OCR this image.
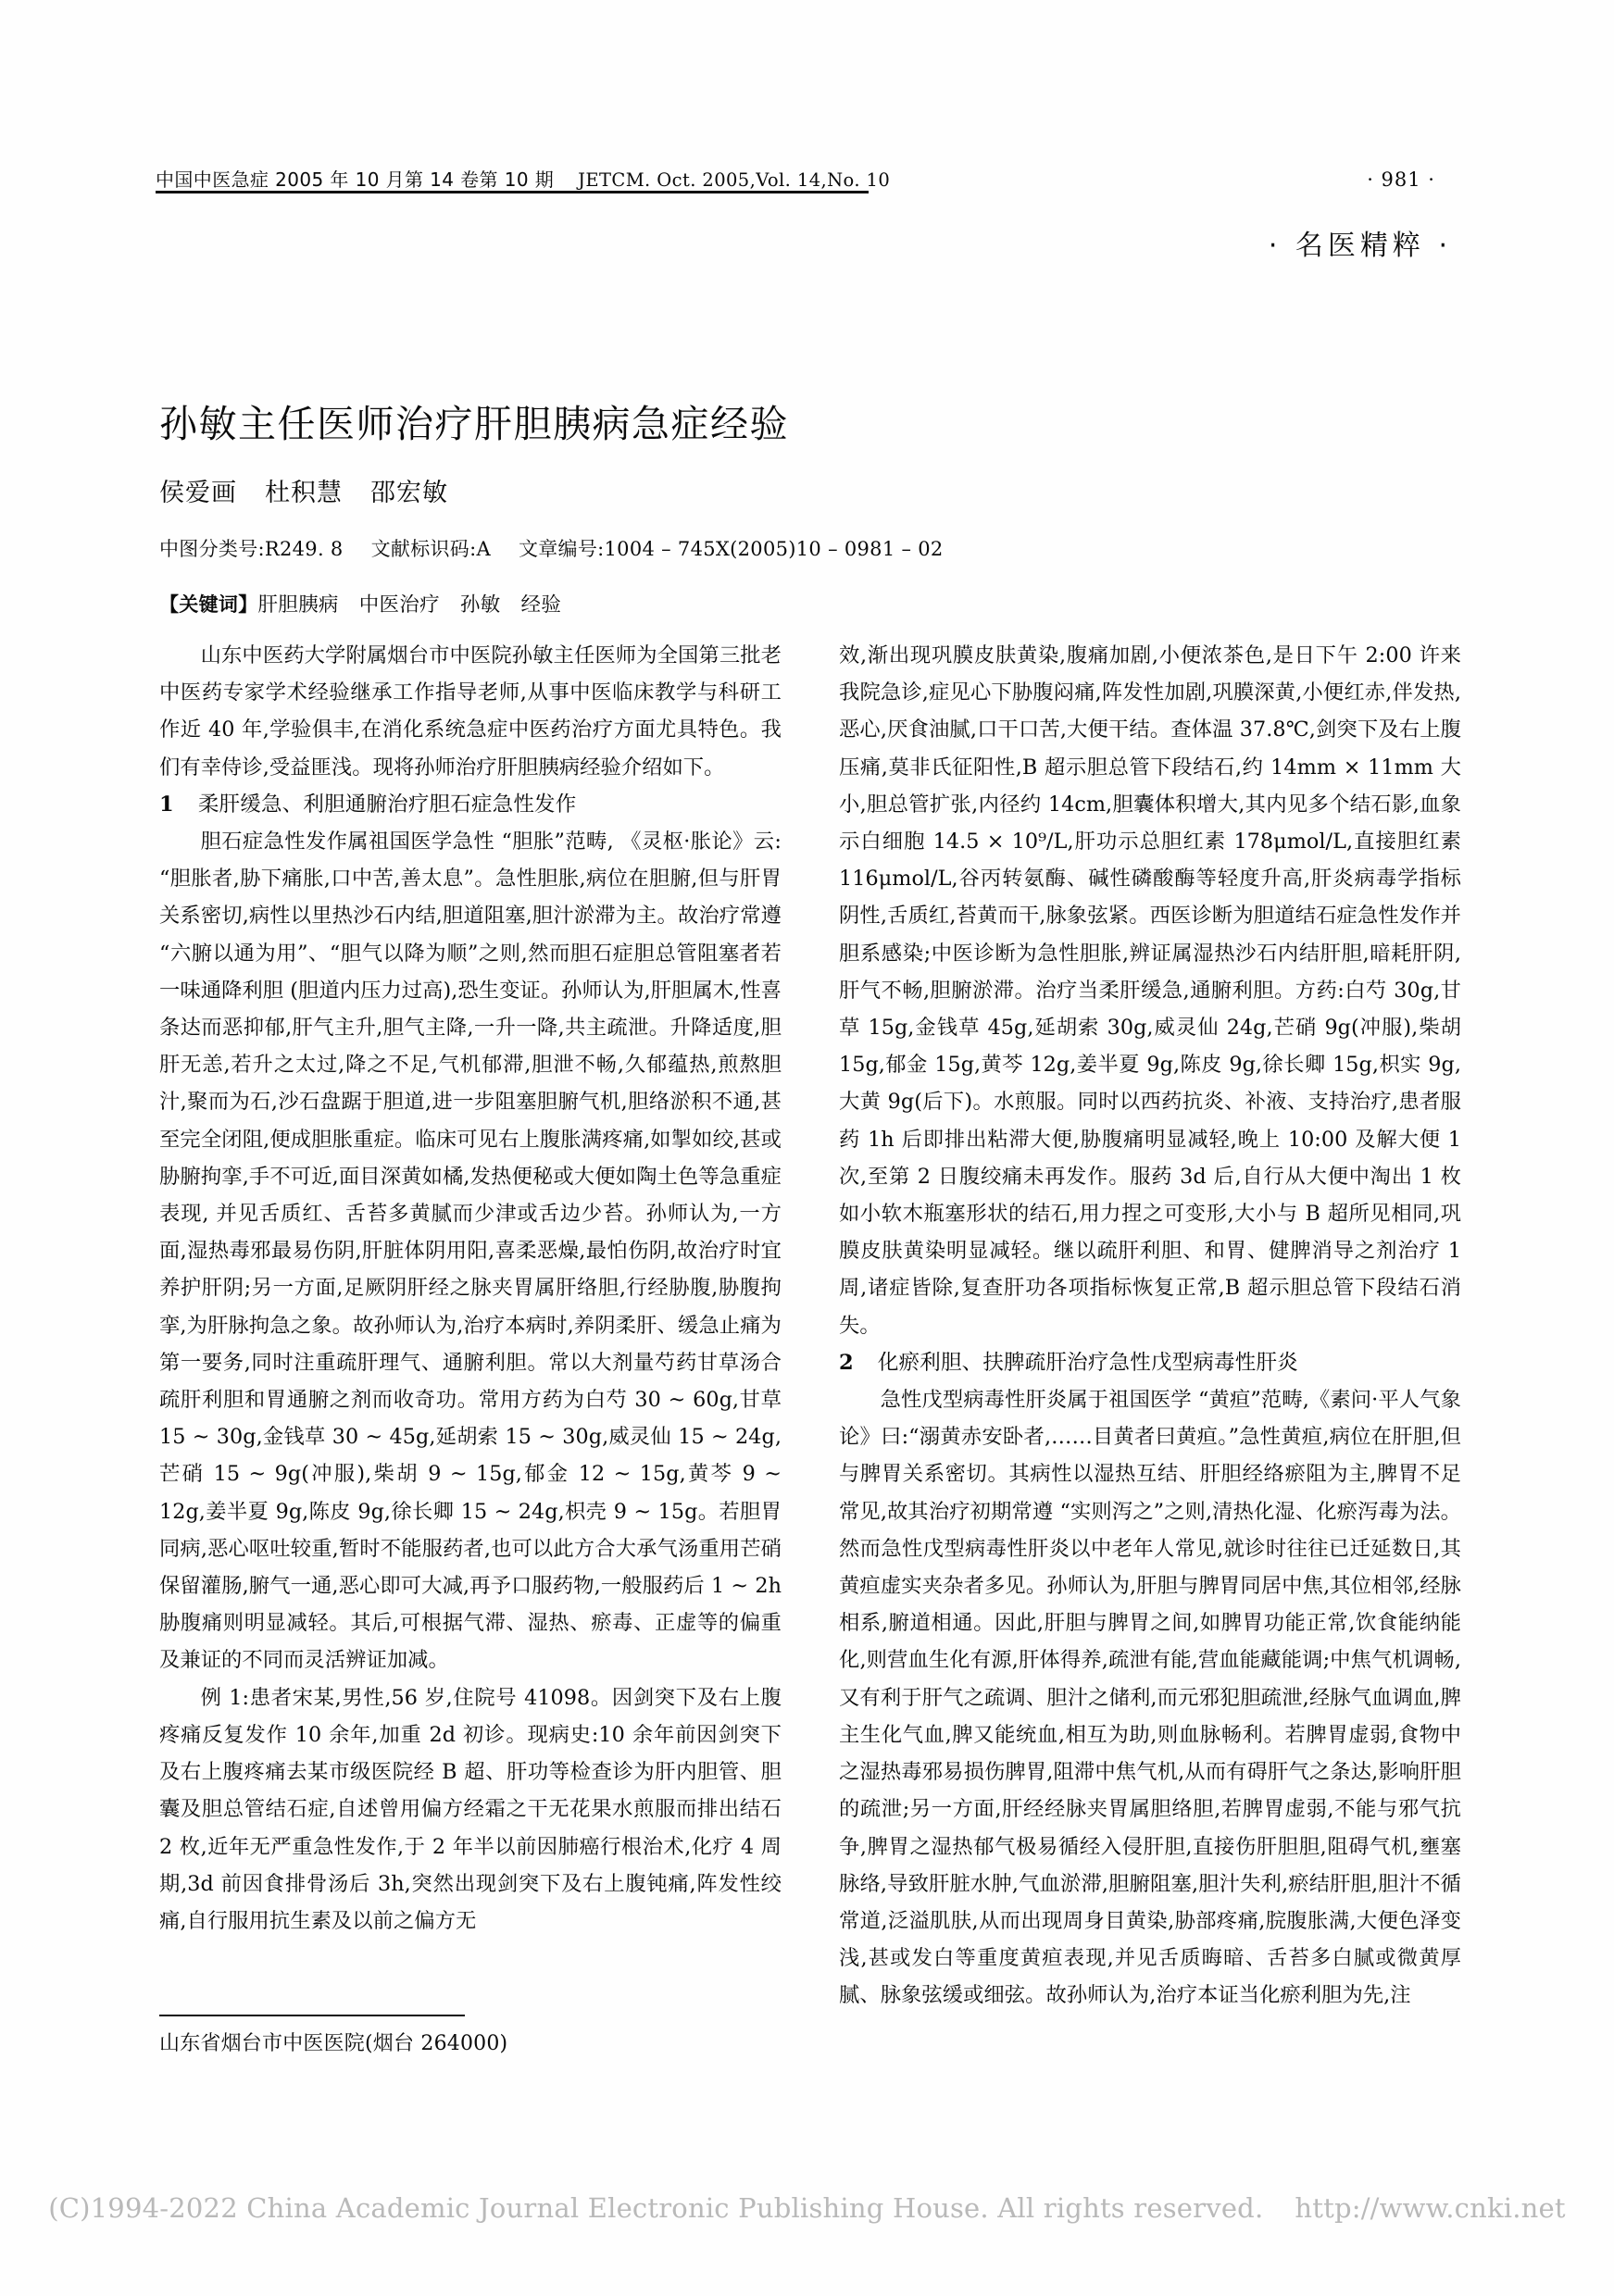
中国中医急症 2005 年 10 月第 14 卷第 10 期 JETCM. Oct. 2005,Vol. 14,No. 10	· 981 ·
· 名医精粹 ·
孙敏主任医师治疗肝胆胰病急症经验
侯爱画 杜积慧 邵宏敏
中图分类号:R249. 8 文献标识码:A 文章编号:1004 – 745X(2005)10 – 0981 – 02
【关键词】肝胆胰病 中医治疗 孙敏 经验

山东中医药大学附属烟台市中医院孙敏主任医师为全国第三批老中医药专家学术经验继承工作指导老师,从事中医临床教学与科研工作近 40 年,学验俱丰,在消化系统急症中医药治疗方面尤具特色。我们有幸侍诊,受益匪浅。现将孙师治疗肝胆胰病经验介绍如下。

1 柔肝缓急、利胆通腑治疗胆石症急性发作

胆石症急性发作属祖国医学急性 “胆胀”范畴, 《灵枢·胀论》云:“胆胀者,胁下痛胀,口中苦,善太息”。急性胆胀,病位在胆腑,但与肝胃关系密切,病性以里热沙石内结,胆道阻塞,胆汁淤滞为主。故治疗常遵 “六腑以通为用”、“胆气以降为顺”之则,然而胆石症胆总管阻塞者若一味通降利胆 (胆道内压力过高),恐生变证。孙师认为,肝胆属木,性喜条达而恶抑郁,肝气主升,胆气主降,一升一降,共主疏泄。升降适度,胆肝无恙,若升之太过,降之不足,气机郁滞,胆泄不畅,久郁蕴热,煎熬胆汁,聚而为石,沙石盘踞于胆道,进一步阻塞胆腑气机,胆络淤积不通,甚至完全闭阻,便成胆胀重症。临床可见右上腹胀满疼痛,如掣如绞,甚或胁腑拘挛,手不可近,面目深黄如橘,发热便秘或大便如陶土色等急重症表现, 并见舌质红、舌苔多黄腻而少津或舌边少苔。孙师认为,一方面,湿热毒邪最易伤阴,肝脏体阴用阳,喜柔恶燥,最怕伤阴,故治疗时宜养护肝阴;另一方面,足厥阴肝经之脉夹胃属肝络胆,行经胁腹,胁腹拘挛,为肝脉拘急之象。故孙师认为,治疗本病时,养阴柔肝、缓急止痛为第一要务,同时注重疏肝理气、通腑利胆。常以大剂量芍药甘草汤合疏肝利胆和胃通腑之剂而收奇功。常用方药为白芍 30 ~ 60g,甘草 15 ~ 30g,金钱草 30 ~ 45g,延胡索 15 ~ 30g,威灵仙 15 ~ 24g,芒硝 15 ~ 9g(冲服),柴胡 9 ~ 15g,郁金 12 ~ 15g,黄芩 9 ~ 12g,姜半夏 9g,陈皮 9g,徐长卿 15 ~ 24g,枳壳 9 ~ 15g。若胆胃同病,恶心呕吐较重,暂时不能服药者,也可以此方合大承气汤重用芒硝保留灌肠,腑气一通,恶心即可大减,再予口服药物,一般服药后 1 ~ 2h 胁腹痛则明显减轻。其后,可根据气滞、湿热、瘀毒、正虚等的偏重及兼证的不同而灵活辨证加减。

例 1:患者宋某,男性,56 岁,住院号 41098。因剑突下及右上腹疼痛反复发作 10 余年,加重 2d 初诊。现病史:10 余年前因剑突下及右上腹疼痛去某市级医院经 B 超、肝功等检查诊为肝内胆管、胆囊及胆总管结石症,自述曾用偏方经霜之干无花果水煎服而排出结石 2 枚,近年无严重急性发作,于 2 年半以前因肺癌行根治术,化疗 4 周期,3d 前因食排骨汤后 3h,突然出现剑突下及右上腹钝痛,阵发性绞痛,自行服用抗生素及以前之偏方无

效,渐出现巩膜皮肤黄染,腹痛加剧,小便浓茶色,是日下午 2:00 许来我院急诊,症见心下胁腹闷痛,阵发性加剧,巩膜深黄,小便红赤,伴发热,恶心,厌食油腻,口干口苦,大便干结。查体温 37.8℃,剑突下及右上腹压痛,莫非氏征阳性,B 超示胆总管下段结石,约 14mm × 11mm 大小,胆总管扩张,内径约 14cm,胆囊体积增大,其内见多个结石影,血象示白细胞 14.5 × 10⁹/L,肝功示总胆红素 178μmol/L,直接胆红素 116μmol/L,谷丙转氨酶、碱性磷酸酶等轻度升高,肝炎病毒学指标阴性,舌质红,苔黄而干,脉象弦紧。西医诊断为胆道结石症急性发作并胆系感染;中医诊断为急性胆胀,辨证属湿热沙石内结肝胆,暗耗肝阴,肝气不畅,胆腑淤滞。治疗当柔肝缓急,通腑利胆。方药:白芍 30g,甘草 15g,金钱草 45g,延胡索 30g,威灵仙 24g,芒硝 9g(冲服),柴胡 15g,郁金 15g,黄芩 12g,姜半夏 9g,陈皮 9g,徐长卿 15g,枳实 9g,大黄 9g(后下)。水煎服。同时以西药抗炎、补液、支持治疗,患者服药 1h 后即排出粘滞大便,胁腹痛明显减轻,晚上 10:00 及解大便 1 次,至第 2 日腹绞痛未再发作。服药 3d 后,自行从大便中淘出 1 枚如小软木瓶塞形状的结石,用力捏之可变形,大小与 B 超所见相同,巩膜皮肤黄染明显减轻。继以疏肝利胆、和胃、健脾消导之剂治疗 1 周,诸症皆除,复查肝功各项指标恢复正常,B 超示胆总管下段结石消失。

2 化瘀利胆、扶脾疏肝治疗急性戊型病毒性肝炎

急性戊型病毒性肝炎属于祖国医学 “黄疸”范畴,《素问·平人气象论》曰:“溺黄赤安卧者,……目黄者曰黄疸。”急性黄疸,病位在肝胆,但与脾胃关系密切。其病性以湿热互结、肝胆经络瘀阻为主,脾胃不足常见,故其治疗初期常遵 “实则泻之”之则,清热化湿、化瘀泻毒为法。然而急性戊型病毒性肝炎以中老年人常见,就诊时往往已迁延数日,其黄疸虚实夹杂者多见。孙师认为,肝胆与脾胃同居中焦,其位相邻,经脉相系,腑道相通。因此,肝胆与脾胃之间,如脾胃功能正常,饮食能纳能化,则营血生化有源,肝体得养,疏泄有能,营血能藏能调;中焦气机调畅,又有利于肝气之疏调、胆汁之储利,而元邪犯胆疏泄,经脉气血调血,脾主生化气血,脾又能统血,相互为助,则血脉畅利。若脾胃虚弱,食物中之湿热毒邪易损伤脾胃,阻滞中焦气机,从而有碍肝气之条达,影响肝胆的疏泄;另一方面,肝经经脉夹胃属胆络胆,若脾胃虚弱,不能与邪气抗争,脾胃之湿热郁气极易循经入侵肝胆,直接伤肝胆胆,阻碍气机,壅塞脉络,导致肝脏水肿,气血淤滞,胆腑阻塞,胆汁失利,瘀结肝胆,胆汁不循常道,泛溢肌肤,从而出现周身目黄染,胁部疼痛,脘腹胀满,大便色泽变浅,甚或发白等重度黄疸表现,并见舌质晦暗、舌苔多白腻或微黄厚腻、脉象弦缓或细弦。故孙师认为,治疗本证当化瘀利胆为先,注

山东省烟台市中医医院(烟台 264000)
(C)1994-2022 China Academic Journal Electronic Publishing House. All rights reserved. http://www.cnki.net
